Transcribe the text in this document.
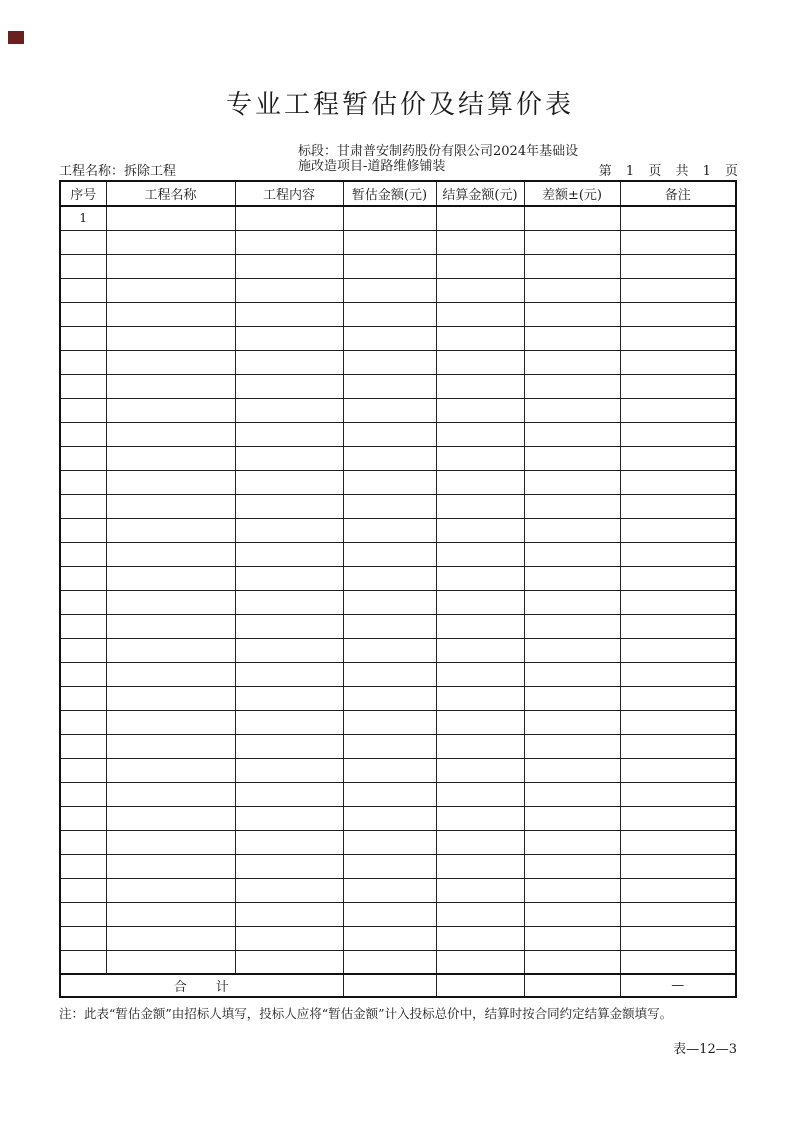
专业工程暂估价及结算价表
工程名称：拆除工程
标段：甘肃普安制药股份有限公司2024年基础设
施改造项目-道路维修铺装	第 1 页 共 1 页
序号	工程名称	工程内容	暂估金额(元)	结算金额(元)	差额±(元)	备注
1						

合　　计						—
注：此表“暂估金额”由招标人填写，投标人应将“暂估金额”计入投标总价中，结算时按合同约定结算金额填写。
表—12—3
